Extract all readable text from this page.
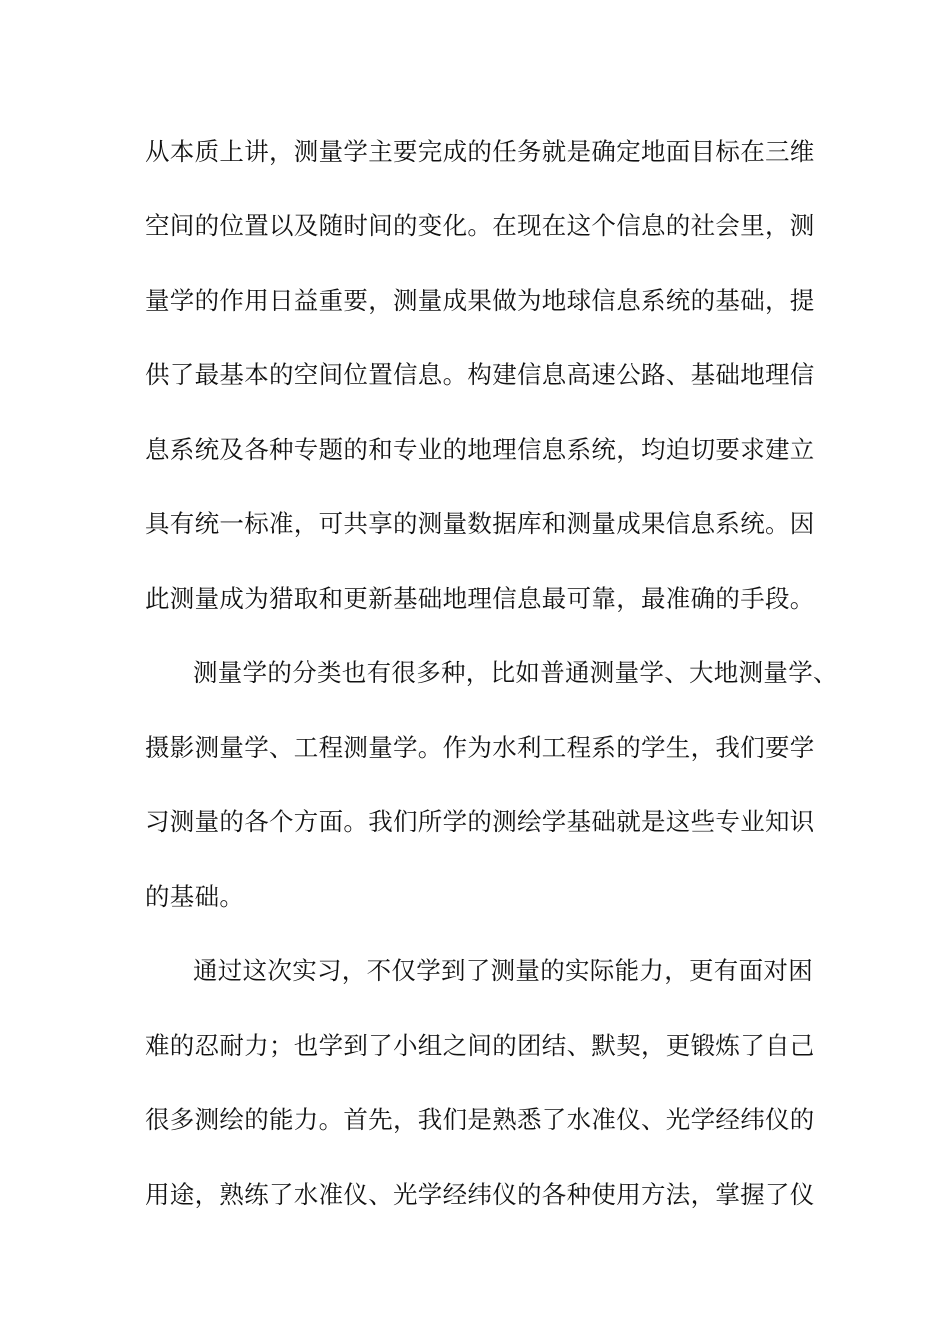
从本质上讲，测量学主要完成的任务就是确定地面目标在三维
空间的位置以及随时间的变化。在现在这个信息的社会里，测
量学的作用日益重要，测量成果做为地球信息系统的基础，提
供了最基本的空间位置信息。构建信息高速公路、基础地理信
息系统及各种专题的和专业的地理信息系统，均迫切要求建立
具有统一标准，可共享的测量数据库和测量成果信息系统。因
此测量成为猎取和更新基础地理信息最可靠，最准确的手段。
测量学的分类也有很多种，比如普通测量学、大地测量学、
摄影测量学、工程测量学。作为水利工程系的学生，我们要学
习测量的各个方面。我们所学的测绘学基础就是这些专业知识
的基础。
通过这次实习，不仅学到了测量的实际能力，更有面对困
难的忍耐力；也学到了小组之间的团结、默契，更锻炼了自己
很多测绘的能力。首先，我们是熟悉了水准仪、光学经纬仪的
用途，熟练了水准仪、光学经纬仪的各种使用方法，掌握了仪
